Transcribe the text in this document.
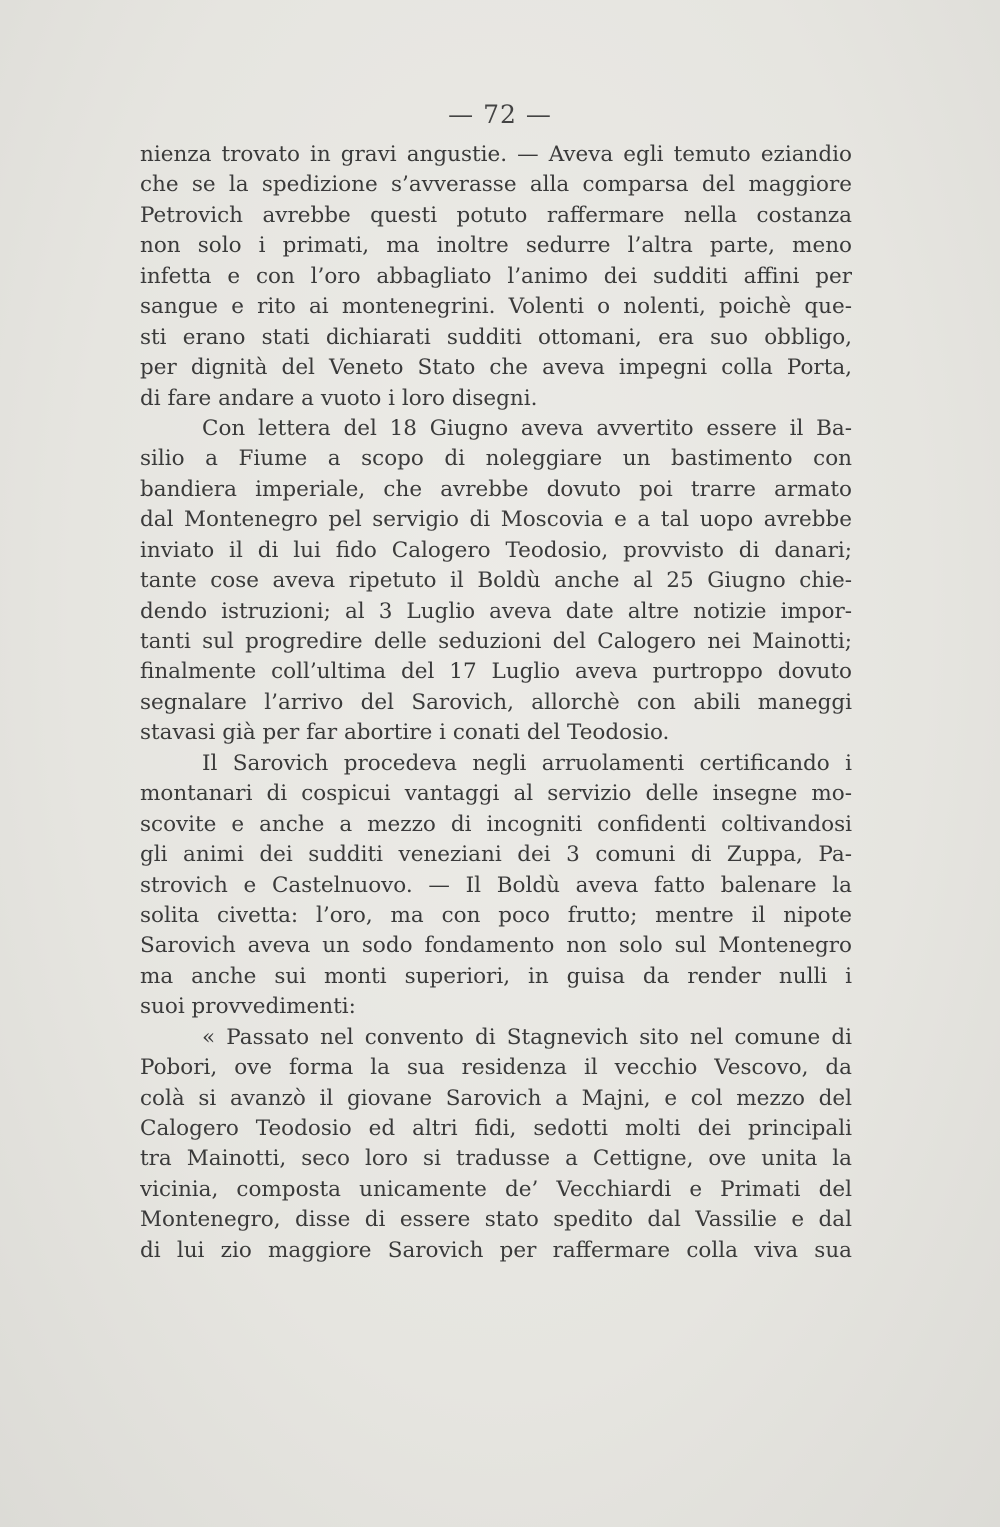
— 72 —
nienza trovato in gravi angustie. — Aveva egli temuto eziandio
che se la spedizione s’avverasse alla comparsa del maggiore
Petrovich avrebbe questi potuto raffermare nella costanza
non solo i primati, ma inoltre sedurre l’altra parte, meno
infetta e con l’oro abbagliato l’animo dei sudditi affini per
sangue e rito ai montenegrini. Volenti o nolenti, poichè que-
sti erano stati dichiarati sudditi ottomani, era suo obbligo,
per dignità del Veneto Stato che aveva impegni colla Porta,
di fare andare a vuoto i loro disegni.
Con lettera del 18 Giugno aveva avvertito essere il Ba-
silio a Fiume a scopo di noleggiare un bastimento con
bandiera imperiale, che avrebbe dovuto poi trarre armato
dal Montenegro pel servigio di Moscovia e a tal uopo avrebbe
inviato il di lui fido Calogero Teodosio, provvisto di danari;
tante cose aveva ripetuto il Boldù anche al 25 Giugno chie-
dendo istruzioni; al 3 Luglio aveva date altre notizie impor-
tanti sul progredire delle seduzioni del Calogero nei Mainotti;
finalmente coll’ultima del 17 Luglio aveva purtroppo dovuto
segnalare l’arrivo del Sarovich, allorchè con abili maneggi
stavasi già per far abortire i conati del Teodosio.
Il Sarovich procedeva negli arruolamenti certificando i
montanari di cospicui vantaggi al servizio delle insegne mo-
scovite e anche a mezzo di incogniti confidenti coltivandosi
gli animi dei sudditi veneziani dei 3 comuni di Zuppa, Pa-
strovich e Castelnuovo. — Il Boldù aveva fatto balenare la
solita civetta: l’oro, ma con poco frutto; mentre il nipote
Sarovich aveva un sodo fondamento non solo sul Montenegro
ma anche sui monti superiori, in guisa da render nulli i
suoi provvedimenti:
« Passato nel convento di Stagnevich sito nel comune di
Pobori, ove forma la sua residenza il vecchio Vescovo, da
colà si avanzò il giovane Sarovich a Majni, e col mezzo del
Calogero Teodosio ed altri fidi, sedotti molti dei principali
tra Mainotti, seco loro si tradusse a Cettigne, ove unita la
vicinia, composta unicamente de’ Vecchiardi e Primati del
Montenegro, disse di essere stato spedito dal Vassilie e dal
di lui zio maggiore Sarovich per raffermare colla viva sua
